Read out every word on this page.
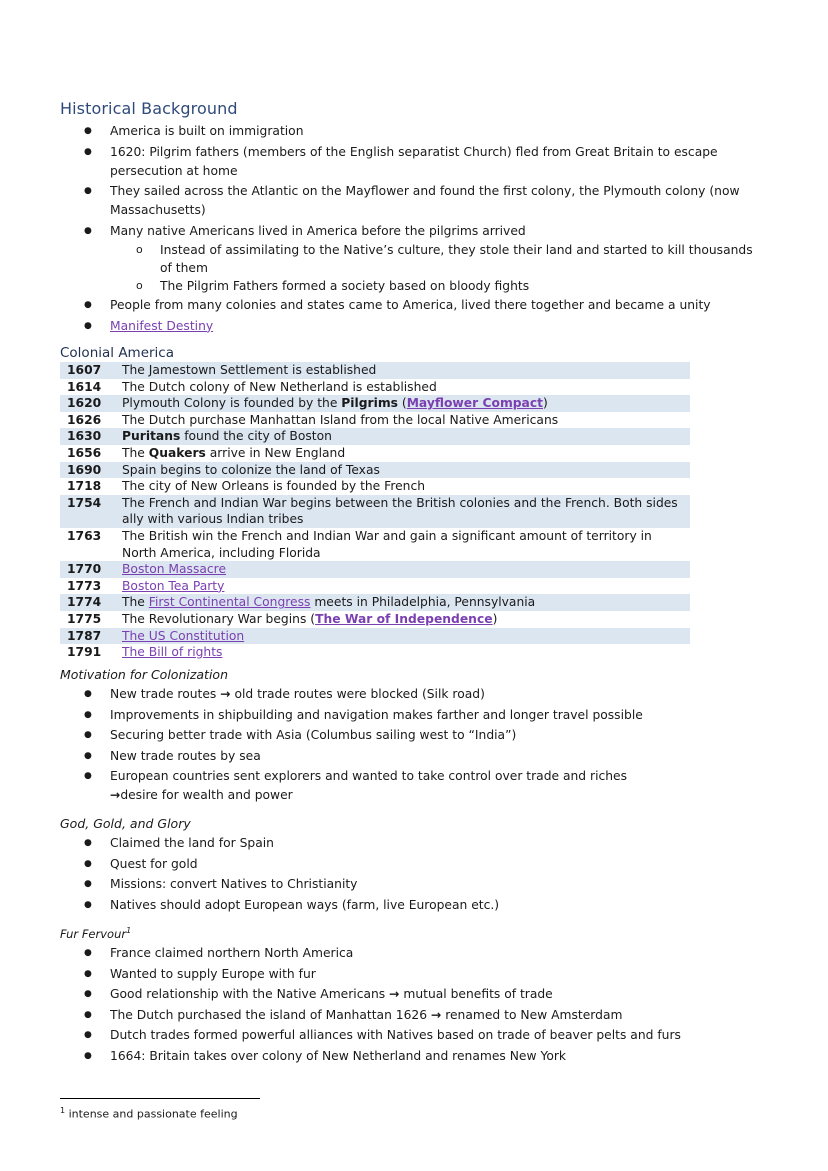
Historical Background
● America is built on immigration
● 1620: Pilgrim fathers (members of the English separatist Church) fled from Great Britain to escape persecution at home
● They sailed across the Atlantic on the Mayflower and found the first colony, the Plymouth colony (now Massachusetts)
● Many native Americans lived in America before the pilgrims arrived
o Instead of assimilating to the Native’s culture, they stole their land and started to kill thousands of them
o The Pilgrim Fathers formed a society based on bloody fights
● People from many colonies and states came to America, lived there together and became a unity
● Manifest Destiny
Colonial America
1607	The Jamestown Settlement is established
1614	The Dutch colony of New Netherland is established
1620	Plymouth Colony is founded by the Pilgrims (Mayflower Compact)
1626	The Dutch purchase Manhattan Island from the local Native Americans
1630	Puritans found the city of Boston
1656	The Quakers arrive in New England
1690	Spain begins to colonize the land of Texas
1718	The city of New Orleans is founded by the French
1754	The French and Indian War begins between the British colonies and the French. Both sides ally with various Indian tribes
1763	The British win the French and Indian War and gain a significant amount of territory in North America, including Florida
1770	Boston Massacre
1773	Boston Tea Party
1774	The First Continental Congress meets in Philadelphia, Pennsylvania
1775	The Revolutionary War begins (The War of Independence)
1787	The US Constitution
1791	The Bill of rights
Motivation for Colonization
● New trade routes → old trade routes were blocked (Silk road)
● Improvements in shipbuilding and navigation makes farther and longer travel possible
● Securing better trade with Asia (Columbus sailing west to “India”)
● New trade routes by sea
● European countries sent explorers and wanted to take control over trade and riches
→desire for wealth and power
God, Gold, and Glory
● Claimed the land for Spain
● Quest for gold
● Missions: convert Natives to Christianity
● Natives should adopt European ways (farm, live European etc.)
Fur Fervour$^1$
● France claimed northern North America
● Wanted to supply Europe with fur
● Good relationship with the Native Americans → mutual benefits of trade
● The Dutch purchased the island of Manhattan 1626 → renamed to New Amsterdam
● Dutch trades formed powerful alliances with Natives based on trade of beaver pelts and furs
● 1664: Britain takes over colony of New Netherland and renames New York
$^1$ intense and passionate feeling
